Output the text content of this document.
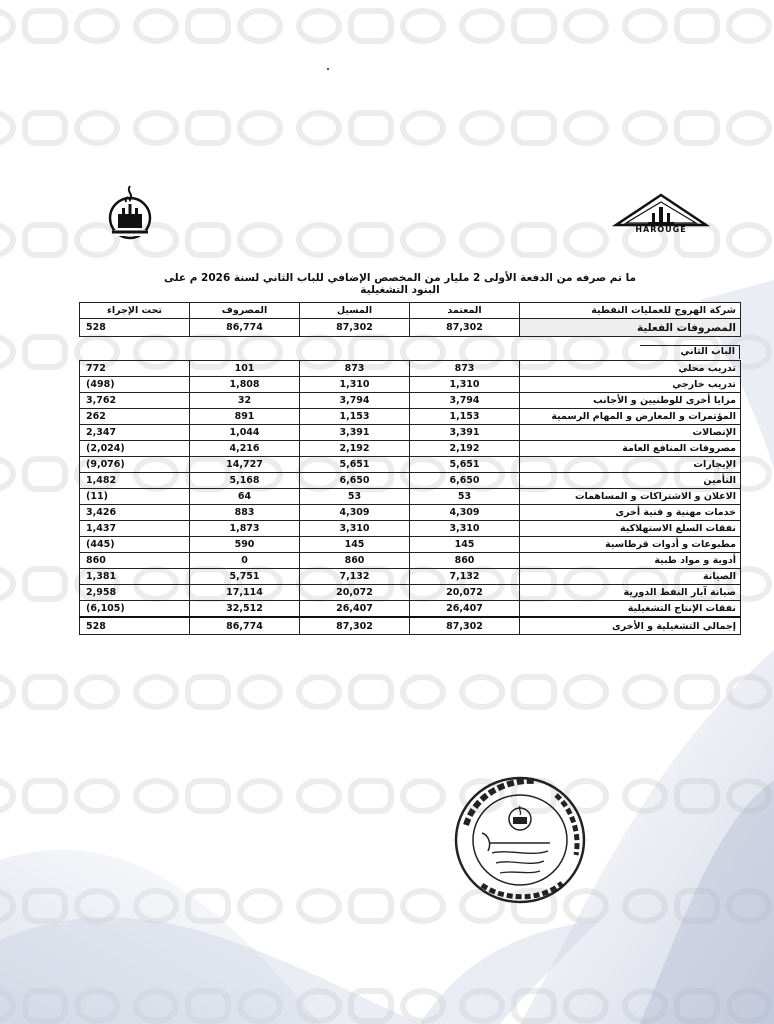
HAROUGE
ما تم صرفه من الدفعة الأولى 2 مليار من المخصص الإضافي للباب الثاني لسنة 2026 م على البنود التشغيلية
شركة الهروج للعمليات النفطية	المعتمد	المسيل	المصروف	تحت الإجراء
المصروفات الفعلية	87,302	87,302	86,774	528
الباب الثاني
تدريب محلي	873	873	101	772
تدريب خارجي	1,310	1,310	1,808	(498)
مزايا أخرى للوطنيين و الأجانب	3,794	3,794	32	3,762
المؤتمرات و المعارض و المهام الرسمية	1,153	1,153	891	262
الإتصالات	3,391	3,391	1,044	2,347
مصروفات المنافع العامة	2,192	2,192	4,216	(2,024)
الإيجارات	5,651	5,651	14,727	(9,076)
التأمين	6,650	6,650	5,168	1,482
الاعلان و الاشتراكات و المساهمات	53	53	64	(11)
خدمات مهنية و فنية أخرى	4,309	4,309	883	3,426
نفقات السلع الاستهلاكية	3,310	3,310	1,873	1,437
مطبوعات و أدوات قرطاسية	145	145	590	(445)
أدوية و مواد طبية	860	860	0	860
الصيانة	7,132	7,132	5,751	1,381
صيانة آبار النفط الدورية	20,072	20,072	17,114	2,958
نفقات الإنتاج التشغيلية	26,407	26,407	32,512	(6,105)
إجمالي التشغيلية و الأخرى	87,302	87,302	86,774	528
